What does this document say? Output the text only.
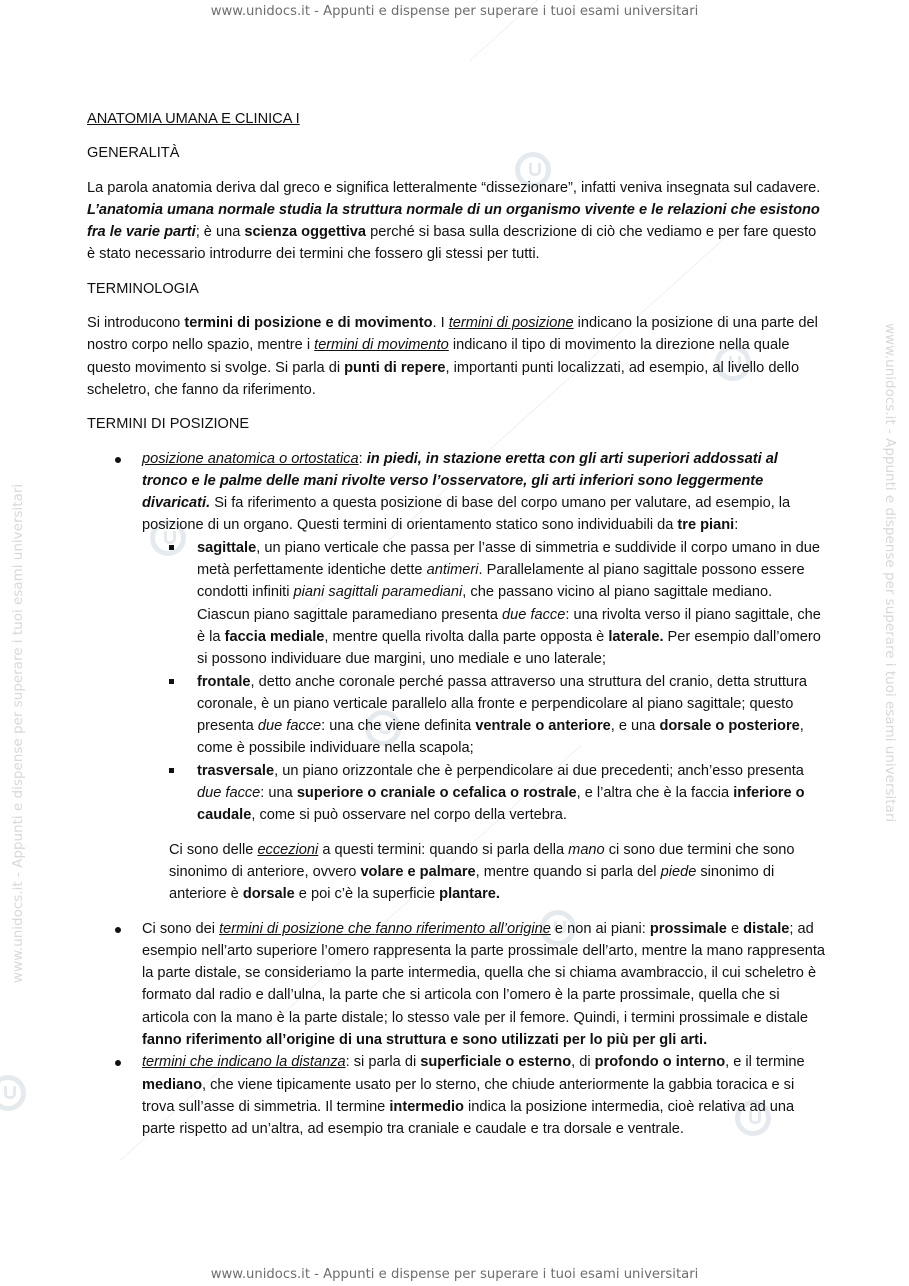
www.unidocs.it - Appunti e dispense per superare i tuoi esami universitari	www.unidocs.it - Appunti e dispense per superare i tuoi esami universitari
www.unidocs.it - Appunti e dispense per superare i tuoi esami universitari
www.unidocs.it - Appunti e dispense per superare i tuoi esami universitari

ANATOMIA UMANA E CLINICA I

GENERALITÀ

La parola anatomia deriva dal greco e significa letteralmente “dissezionare”, infatti veniva insegnata sul cadavere. L’anatomia umana normale studia la struttura normale di un organismo vivente e le relazioni che esistono fra le varie parti; è una scienza oggettiva perché si basa sulla descrizione di ciò che vediamo e per fare questo è stato necessario introdurre dei termini che fossero gli stessi per tutti.

TERMINOLOGIA

Si introducono termini di posizione e di movimento. I termini di posizione indicano la posizione di una parte del nostro corpo nello spazio, mentre i termini di movimento indicano il tipo di movimento la direzione nella quale questo movimento si svolge. Si parla di punti di repere, importanti punti localizzati, ad esempio, al livello dello scheletro, che fanno da riferimento.

TERMINI DI POSIZIONE

posizione anatomica o ortostatica: in piedi, in stazione eretta con gli arti superiori addossati al tronco e le palme delle mani rivolte verso l’osservatore, gli arti inferiori sono leggermente divaricati. Si fa riferimento a questa posizione di base del corpo umano per valutare, ad esempio, la posizione di un organo. Questi termini di orientamento statico sono individuabili da tre piani:
sagittale, un piano verticale che passa per l’asse di simmetria e suddivide il corpo umano in due metà perfettamente identiche dette antimeri. Parallelamente al piano sagittale possono essere condotti infiniti piani sagittali paramediani, che passano vicino al piano sagittale mediano. Ciascun piano sagittale paramediano presenta due facce: una rivolta verso il piano sagittale, che è la faccia mediale, mentre quella rivolta dalla parte opposta è laterale. Per esempio dall’omero si possono individuare due margini, uno mediale e uno laterale;
frontale, detto anche coronale perché passa attraverso una struttura del cranio, detta struttura coronale, è un piano verticale parallelo alla fronte e perpendicolare al piano sagittale; questo presenta due facce: una che viene definita ventrale o anteriore, e una dorsale o posteriore, come è possibile individuare nella scapola;
trasversale, un piano orizzontale che è perpendicolare ai due precedenti; anch’esso presenta due facce: una superiore o craniale o cefalica o rostrale, e l’altra che è la faccia inferiore o caudale, come si può osservare nel corpo della vertebra.

Ci sono delle eccezioni a questi termini: quando si parla della mano ci sono due termini che sono sinonimo di anteriore, ovvero volare e palmare, mentre quando si parla del piede sinonimo di anteriore è dorsale e poi c’è la superficie plantare.

Ci sono dei termini di posizione che fanno riferimento all’origine e non ai piani: prossimale e distale; ad esempio nell’arto superiore l’omero rappresenta la parte prossimale dell’arto, mentre la mano rappresenta la parte distale, se consideriamo la parte intermedia, quella che si chiama avambraccio, il cui scheletro è formato dal radio e dall’ulna, la parte che si articola con l’omero è la parte prossimale, quella che si articola con la mano è la parte distale; lo stesso vale per il femore. Quindi, i termini prossimale e distale fanno riferimento all’origine di una struttura e sono utilizzati per lo più per gli arti.
termini che indicano la distanza: si parla di superficiale o esterno, di profondo o interno, e il termine mediano, che viene tipicamente usato per lo sterno, che chiude anteriormente la gabbia toracica e si trova sull’asse di simmetria. Il termine intermedio indica la posizione intermedia, cioè relativa ad una parte rispetto ad un’altra, ad esempio tra craniale e caudale e tra dorsale e ventrale.
